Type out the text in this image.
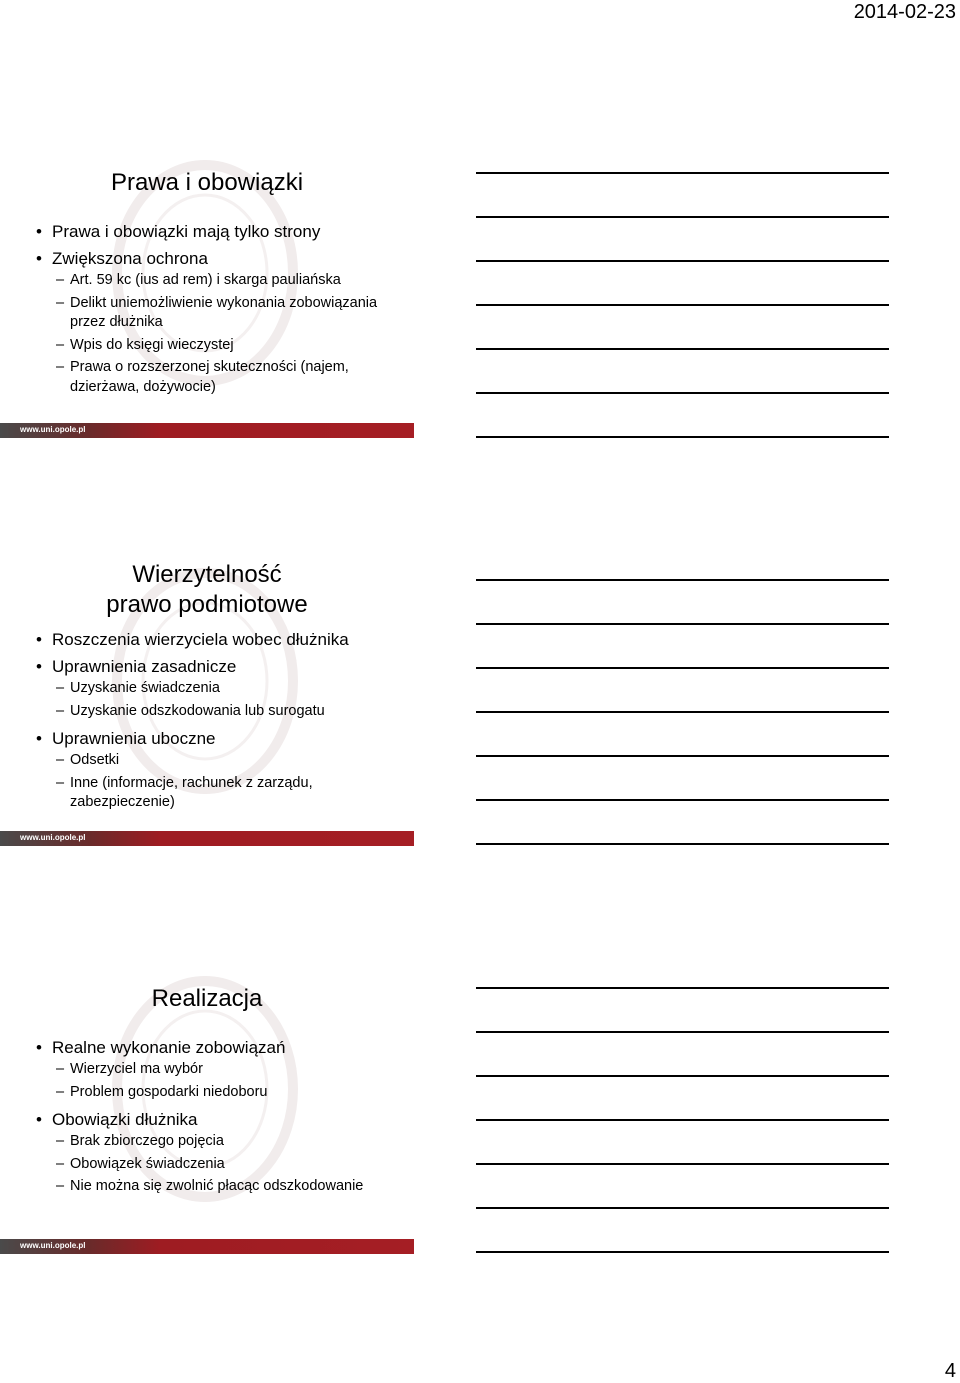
2014-02-23
Prawa i obowiązki
• Prawa i obowiązki mają tylko strony
• Zwiększona ochrona
– Art. 59 kc (ius ad rem) i skarga pauliańska
– Delikt uniemożliwienie wykonania zobowiązania przez dłużnika
– Wpis do księgi wieczystej
– Prawa o rozszerzonej skuteczności (najem, dzierżawa, dożywocie)
www.uni.opole.pl
Wierzytelność
prawo podmiotowe
• Roszczenia wierzyciela wobec dłużnika
• Uprawnienia zasadnicze
– Uzyskanie świadczenia
– Uzyskanie odszkodowania lub surogatu
• Uprawnienia uboczne
– Odsetki
– Inne (informacje, rachunek z zarządu, zabezpieczenie)
www.uni.opole.pl
Realizacja
• Realne wykonanie zobowiązań
– Wierzyciel ma wybór
– Problem gospodarki niedoboru
• Obowiązki dłużnika
– Brak zbiorczego pojęcia
– Obowiązek świadczenia
– Nie można się zwolnić płacąc odszkodowanie
www.uni.opole.pl
4
